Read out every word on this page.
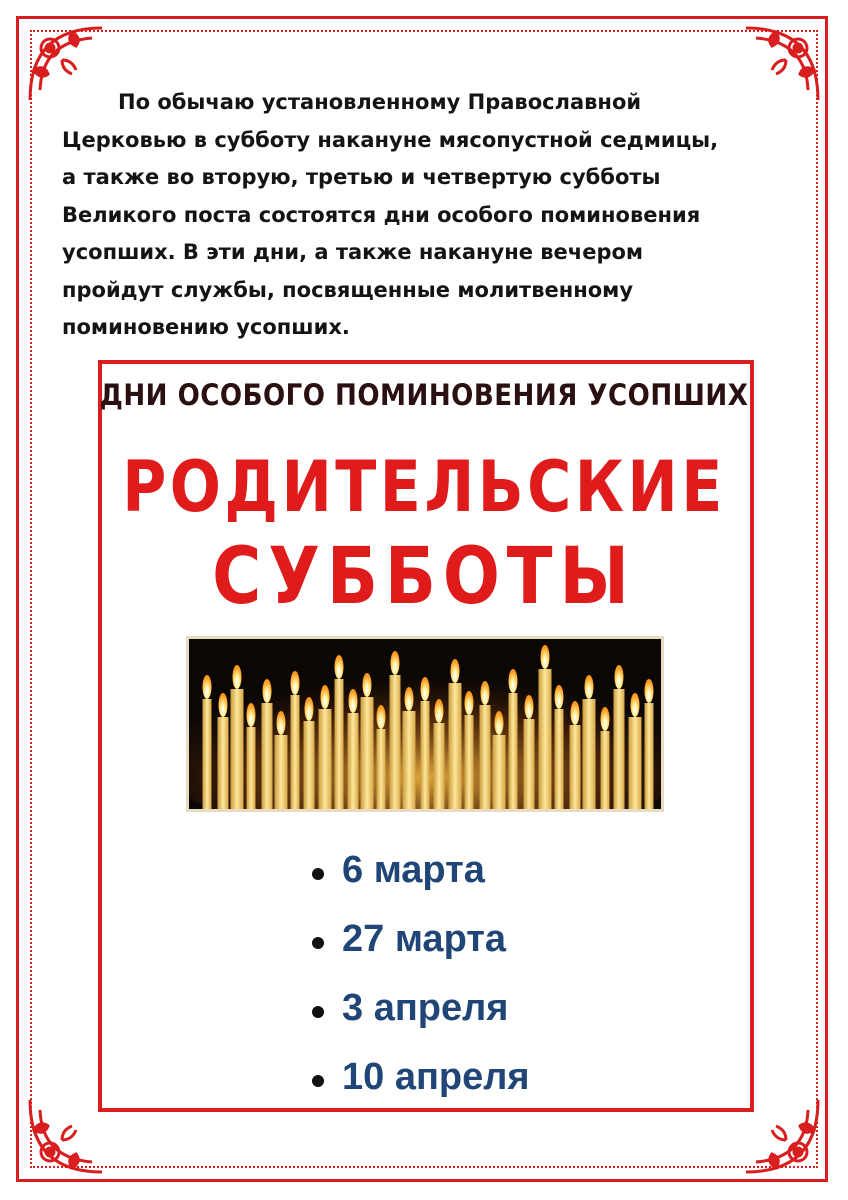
По обычаю установленному Православной
Церковью в субботу накануне мясопустной седмицы,
а также во вторую, третью и четвертую субботы
Великого поста состоятся дни особого поминовения
усопших. В эти дни, а также накануне вечером
пройдут службы, посвященные молитвенному
поминовению усопших.
ДНИ ОСОБОГО ПОМИНОВЕНИЯ УСОПШИХ
РОДИТЕЛЬСКИЕ
СУББОТЫ
6 марта
27 марта
3 апреля
10 апреля
